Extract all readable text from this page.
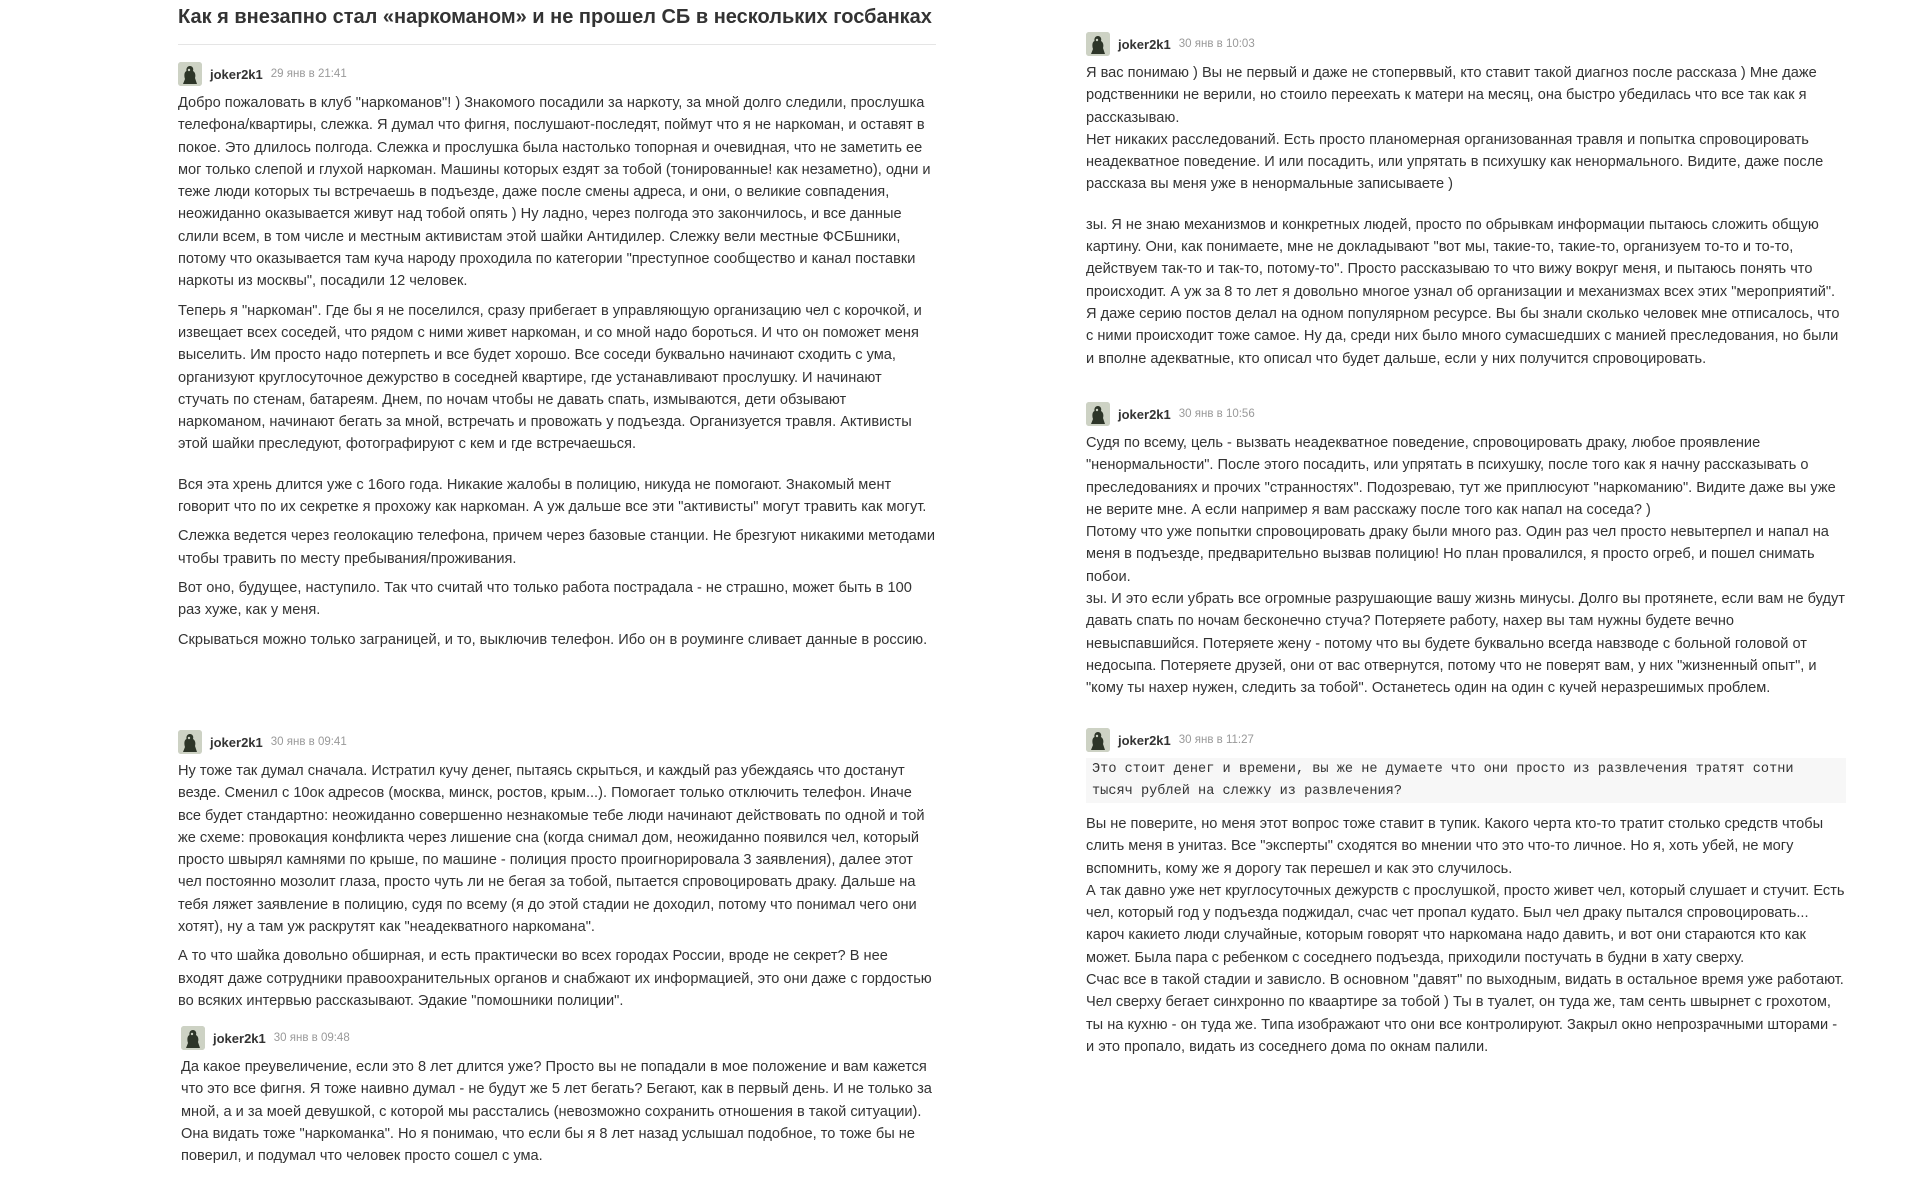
Как я внезапно стал «наркоманом» и не прошел СБ в нескольких госбанках
joker2k1 29 янв в 21:41

Добро пожаловать в клуб "наркоманов"! ) Знакомого посадили за наркоту, за мной долго следили, прослушка телефона/квартиры, слежка. Я думал что фигня, послушают-последят, поймут что я не наркоман, и оставят в покое. Это длилось полгода. Слежка и прослушка была настолько топорная и очевидная, что не заметить ее мог только слепой и глухой наркоман. Машины которых ездят за тобой (тонированные! как незаметно), одни и теже люди которых ты встречаешь в подъезде, даже после смены адреса, и они, о великие совпадения, неожиданно оказывается живут над тобой опять ) Ну ладно, через полгода это закончилось, и все данные слили всем, в том числе и местным активистам этой шайки Антидилер. Слежку вели местные ФСБшники, потому что оказывается там куча народу проходила по категории "преступное сообщество и канал поставки наркоты из москвы", посадили 12 человек.

Теперь я "наркоман". Где бы я не поселился, сразу прибегает в управляющую организацию чел с корочкой, и извещает всех соседей, что рядом с ними живет наркоман, и со мной надо бороться. И что он поможет меня выселить. Им просто надо потерпеть и все будет хорошо. Все соседи буквально начинают сходить с ума, организуют круглосуточное дежурство в соседней квартире, где устанавливают прослушку. И начинают стучать по стенам, батареям. Днем, по ночам чтобы не давать спать, измываются, дети обзывают наркоманом, начинают бегать за мной, встречать и провожать у подъезда. Организуется травля. Активисты этой шайки преследуют, фотографируют с кем и где встречаешься.

Вся эта хрень длится уже с 16ого года. Никакие жалобы в полицию, никуда не помогают. Знакомый мент говорит что по их секретке я прохожу как наркоман. А уж дальше все эти "активисты" могут травить как могут.

Слежка ведется через геолокацию телефона, причем через базовые станции. Не брезгуют никакими методами чтобы травить по месту пребывания/проживания.

Вот оно, будущее, наступило. Так что считай что только работа пострадала - не страшно, может быть в 100 раз хуже, как у меня.

Скрываться можно только заграницей, и то, выключив телефон. Ибо он в роуминге сливает данные в россию.

joker2k1 30 янв в 09:41

Ну тоже так думал сначала. Истратил кучу денег, пытаясь скрыться, и каждый раз убеждаясь что достанут везде. Сменил с 10ок адресов (москва, минск, ростов, крым...). Помогает только отключить телефон. Иначе все будет стандартно: неожиданно совершенно незнакомые тебе люди начинают действовать по одной и той же схеме: провокация конфликта через лишение сна (когда снимал дом, неожиданно появился чел, который просто швырял камнями по крыше, по машине - полиция просто проигнорировала 3 заявления), далее этот чел постоянно мозолит глаза, просто чуть ли не бегая за тобой, пытается спровоцировать драку. Дальше на тебя ляжет заявление в полицию, судя по всему (я до этой стадии не доходил, потому что понимал чего они хотят), ну а там уж раскрутят как "неадекватного наркомана".

А то что шайка довольно обширная, и есть практически во всех городах России, вроде не секрет? В нее входят даже сотрудники правоохранительных органов и снабжают их информацией, это они даже с гордостью во всяких интервью рассказывают. Эдакие "помошники полиции".

joker2k1 30 янв в 09:48

Да какое преувеличение, если это 8 лет длится уже? Просто вы не попадали в мое положение и вам кажется что это все фигня. Я тоже наивно думал - не будут же 5 лет бегать? Бегают, как в первый день. И не только за мной, а и за моей девушкой, с которой мы расстались (невозможно сохранить отношения в такой ситуации). Она видать тоже "наркоманка". Но я понимаю, что если бы я 8 лет назад услышал подобное, то тоже бы не поверил, и подумал что человек просто сошел с ума.

joker2k1 30 янв в 10:03

Я вас понимаю ) Вы не первый и даже не стоперввый, кто ставит такой диагноз после рассказа ) Мне даже родственники не верили, но стоило переехать к матери на месяц, она быстро убедилась что все так как я рассказываю.
Нет никаких расследований. Есть просто планомерная организованная травля и попытка спровоцировать неадекватное поведение. И или посадить, или упрятать в психушку как ненормального. Видите, даже после рассказа вы меня уже в ненормальные записываете )

зы. Я не знаю механизмов и конкретных людей, просто по обрывкам информации пытаюсь сложить общую картину. Они, как понимаете, мне не докладывают "вот мы, такие-то, такие-то, организуем то-то и то-то, действуем так-то и так-то, потому-то". Просто рассказываю то что вижу вокруг меня, и пытаюсь понять что происходит. А уж за 8 то лет я довольно многое узнал об организации и механизмах всех этих "мероприятий". Я даже серию постов делал на одном популярном ресурсе. Вы бы знали сколько человек мне отписалось, что с ними происходит тоже самое. Ну да, среди них было много сумасшедших с манией преследования, но были и вполне адекватные, кто описал что будет дальше, если у них получится спровоцировать.

joker2k1 30 янв в 10:56

Судя по всему, цель - вызвать неадекватное поведение, спровоцировать драку, любое проявление "ненормальности". После этого посадить, или упрятать в психушку, после того как я начну рассказывать о преследованиях и прочих "странностях". Подозреваю, тут же приплюсуют "наркоманию". Видите даже вы уже не верите мне. А если например я вам расскажу после того как напал на соседа? )
Потому что уже попытки спровоцировать драку были много раз. Один раз чел просто невытерпел и напал на меня в подъезде, предварительно вызвав полицию! Но план провалился, я просто огреб, и пошел снимать побои.
зы. И это если убрать все огромные разрушающие вашу жизнь минусы. Долго вы протянете, если вам не будут давать спать по ночам бесконечно стуча? Потеряете работу, нахер вы там нужны будете вечно невыспавшийся. Потеряете жену - потому что вы будете буквально всегда навзводе с больной головой от недосыпа. Потеряете друзей, они от вас отвернутся, потому что не поверят вам, у них "жизненный опыт", и "кому ты нахер нужен, следить за тобой". Останетесь один на один с кучей неразрешимых проблем.

joker2k1 30 янв в 11:27

Это стоит денег и времени, вы же не думаете что они просто из развлечения тратят сотни тысяч рублей на слежку из развлечения?

Вы не поверите, но меня этот вопрос тоже ставит в тупик. Какого черта кто-то тратит столько средств чтобы слить меня в унитаз. Все "эксперты" сходятся во мнении что это что-то личное. Но я, хоть убей, не могу вспомнить, кому же я дорогу так перешел и как это случилось.
А так давно уже нет круглосуточных дежурств с прослушкой, просто живет чел, который слушает и стучит. Есть чел, который год у подъезда поджидал, счас чет пропал кудато. Был чел драку пытался спровоцировать... кароч какието люди случайные, которым говорят что наркомана надо давить, и вот они стараются кто как может. Была пара с ребенком с соседнего подъезда, приходили постучать в будни в хату сверху.
Счас все в такой стадии и зависло. В основном "давят" по выходным, видать в остальное время уже работают. Чел сверху бегает синхронно по кваартире за тобой ) Ты в туалет, он туда же, там сенть швырнет с грохотом, ты на кухню - он туда же. Типа изображают что они все контролируют. Закрыл окно непрозрачными шторами - и это пропало, видать из соседнего дома по окнам палили.
